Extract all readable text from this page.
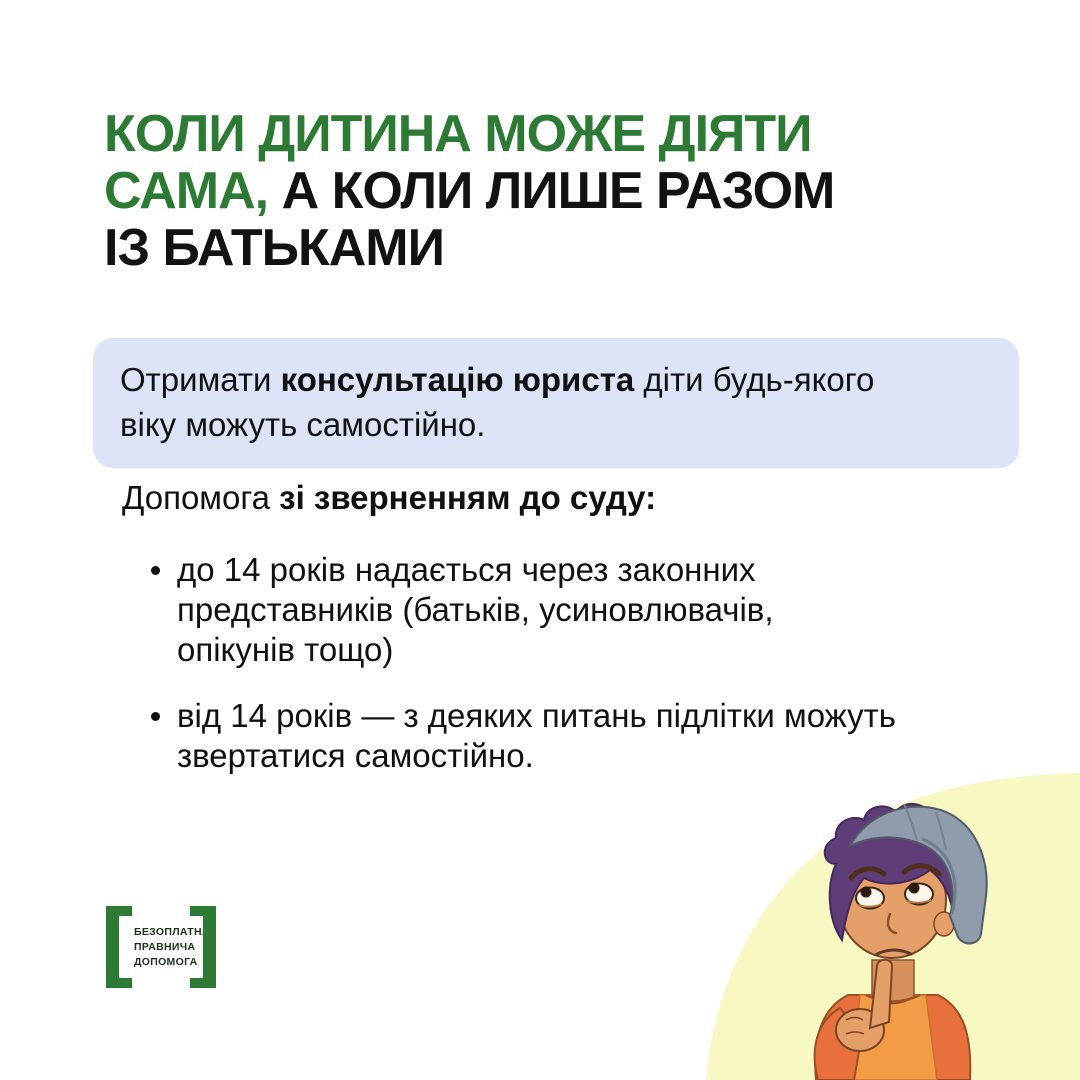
КОЛИ ДИТИНА МОЖЕ ДІЯТИ
САМА, А КОЛИ ЛИШЕ РАЗОМ
ІЗ БАТЬКАМИ
Отримати консультацію юриста діти будь-якого віку можуть самостійно.
Допомога зі зверненням до суду:
до 14 років надається через законних представників (батьків, усиновлювачів, опікунів тощо)
від 14 років — з деяких питань підлітки можуть звертатися самостійно.
БЕЗОПЛАТНА
ПРАВНИЧА
ДОПОМОГА
